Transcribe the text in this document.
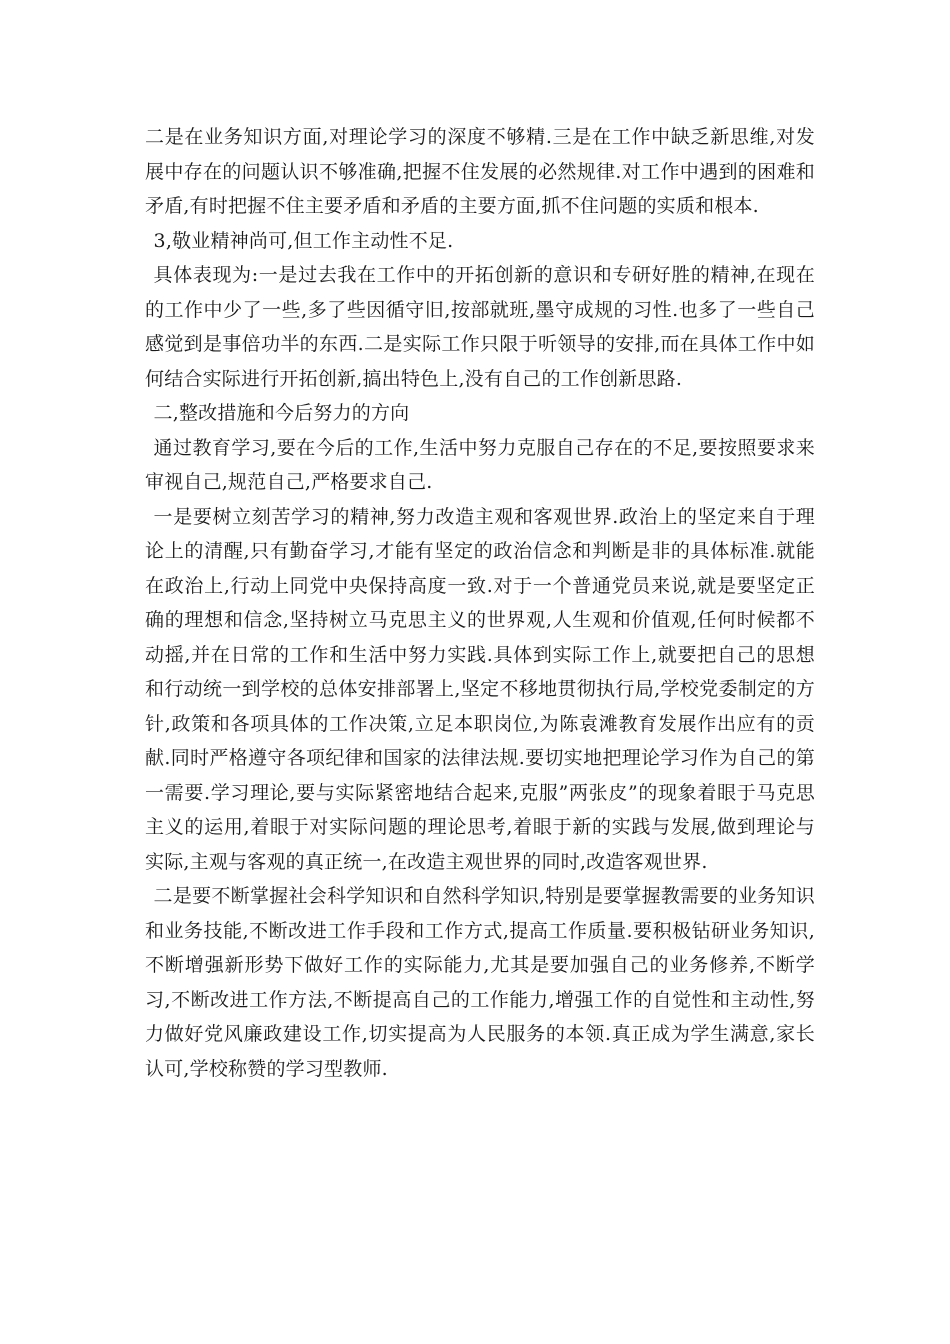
二是在业务知识方面,对理论学习的深度不够精.三是在工作中缺乏新思维,对发展中存在的问题认识不够准确,把握不住发展的必然规律.对工作中遇到的困难和矛盾,有时把握不住主要矛盾和矛盾的主要方面,抓不住问题的实质和根本.

3,敬业精神尚可,但工作主动性不足.

具体表现为:一是过去我在工作中的开拓创新的意识和专研好胜的精神,在现在的工作中少了一些,多了些因循守旧,按部就班,墨守成规的习性.也多了一些自己感觉到是事倍功半的东西.二是实际工作只限于听领导的安排,而在具体工作中如何结合实际进行开拓创新,搞出特色上,没有自己的工作创新思路.

二,整改措施和今后努力的方向

通过教育学习,要在今后的工作,生活中努力克服自己存在的不足,要按照要求来审视自己,规范自己,严格要求自己.

一是要树立刻苦学习的精神,努力改造主观和客观世界.政治上的坚定来自于理论上的清醒,只有勤奋学习,才能有坚定的政治信念和判断是非的具体标准.就能在政治上,行动上同党中央保持高度一致.对于一个普通党员来说,就是要坚定正确的理想和信念,坚持树立马克思主义的世界观,人生观和价值观,任何时候都不动摇,并在日常的工作和生活中努力实践.具体到实际工作上,就要把自己的思想和行动统一到学校的总体安排部署上,坚定不移地贯彻执行局,学校党委制定的方针,政策和各项具体的工作决策,立足本职岗位,为陈袁滩教育发展作出应有的贡献.同时严格遵守各项纪律和国家的法律法规.要切实地把理论学习作为自己的第一需要.学习理论,要与实际紧密地结合起来,克服”两张皮”的现象着眼于马克思主义的运用,着眼于对实际问题的理论思考,着眼于新的实践与发展,做到理论与实际,主观与客观的真正统一,在改造主观世界的同时,改造客观世界.

二是要不断掌握社会科学知识和自然科学知识,特别是要掌握教需要的业务知识和业务技能,不断改进工作手段和工作方式,提高工作质量.要积极钻研业务知识,不断增强新形势下做好工作的实际能力,尤其是要加强自己的业务修养,不断学习,不断改进工作方法,不断提高自己的工作能力,增强工作的自觉性和主动性,努力做好党风廉政建设工作,切实提高为人民服务的本领.真正成为学生满意,家长认可,学校称赞的学习型教师.
